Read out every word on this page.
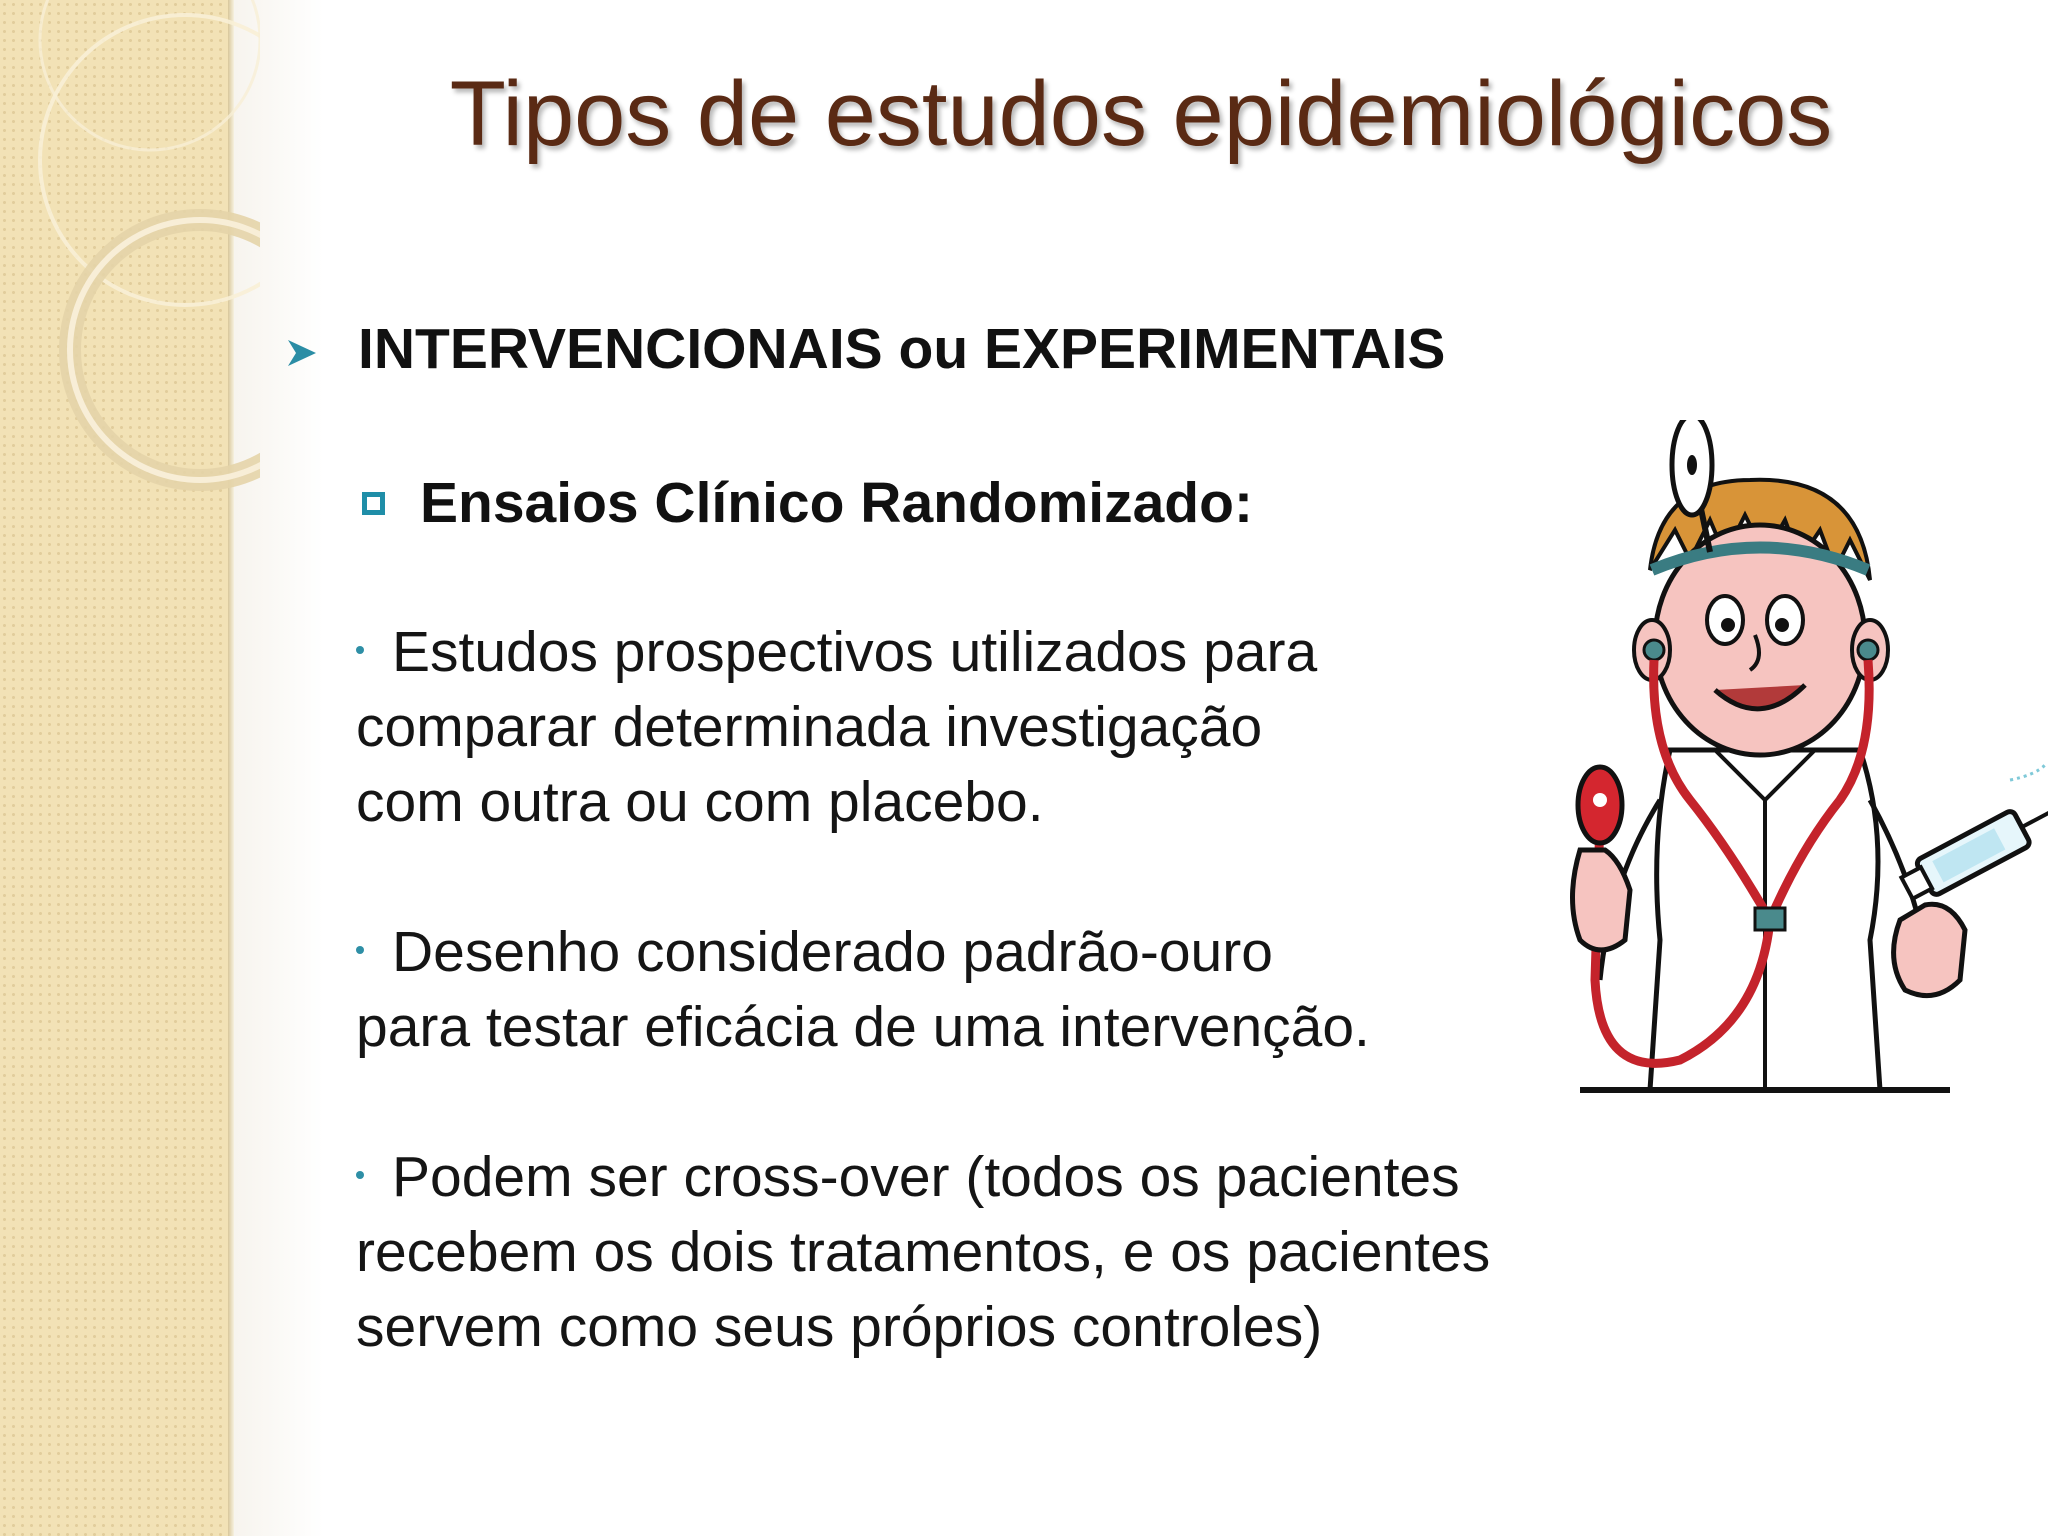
Tipos de estudos epidemiológicos
INTERVENCIONAIS ou EXPERIMENTAIS
Ensaios Clínico Randomizado:
Estudos prospectivos utilizados para
comparar determinada investigação
com outra ou com placebo.
Desenho considerado padrão-ouro
para testar eficácia de uma intervenção.
Podem ser cross-over (todos os pacientes
recebem os dois tratamentos, e os pacientes
servem como seus próprios controles)
